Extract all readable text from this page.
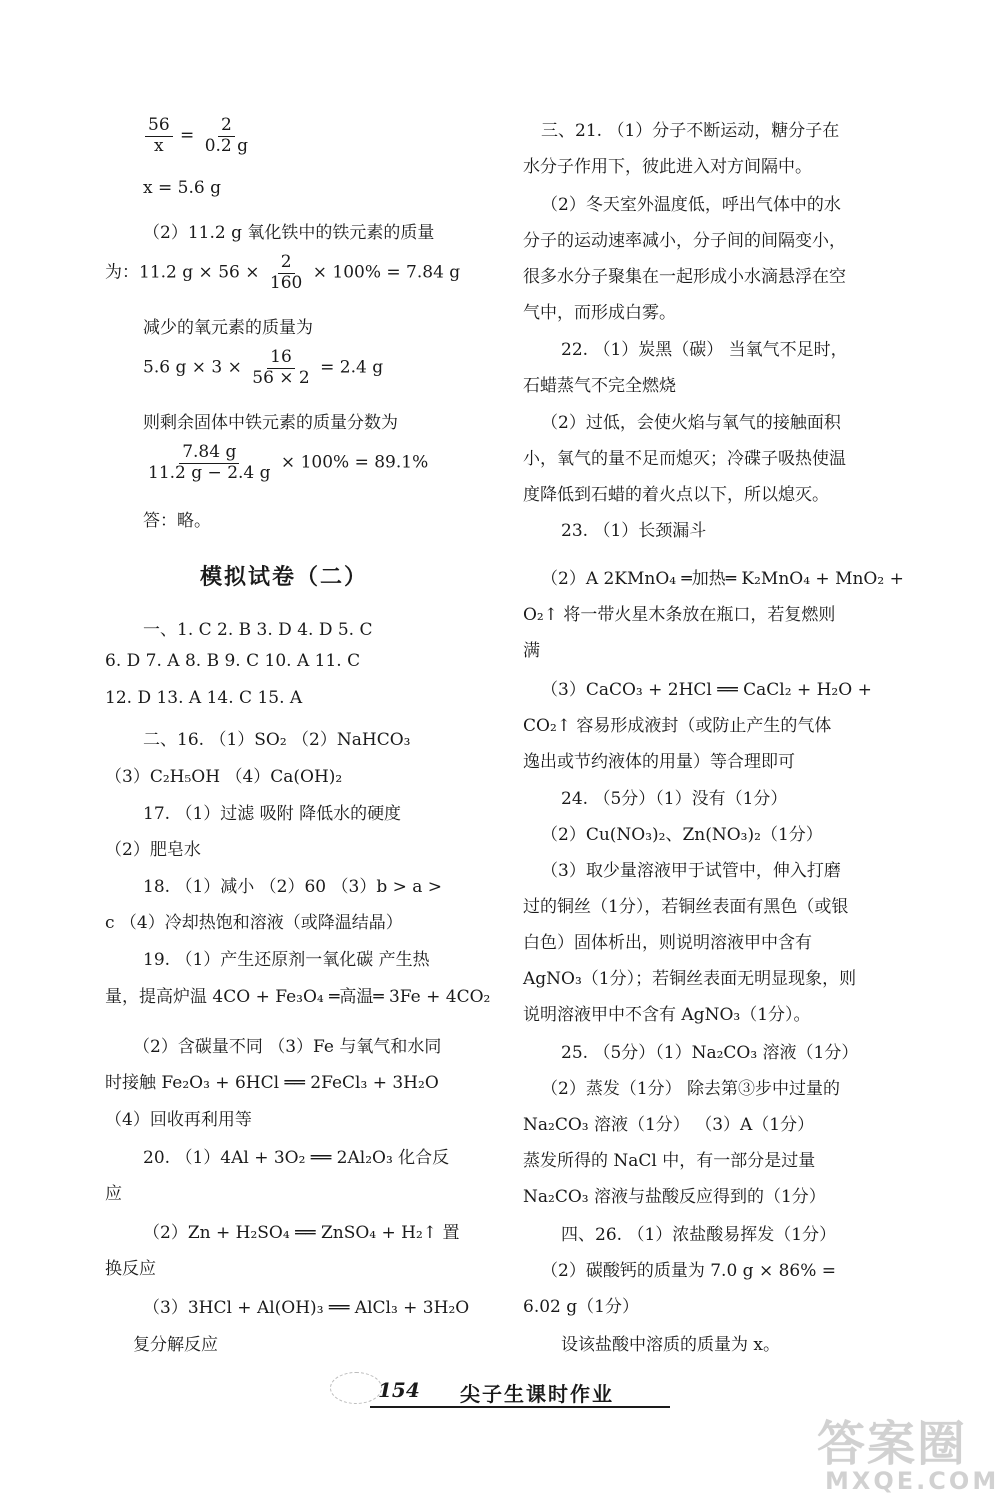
$\frac{56}{x} = \frac{2}{0.2 g}$
x = 5.6 g
（2）11.2 g 氧化铁中的铁元素的质量
为：11.2 $g \times 56 \times \frac{2}{160} \times 100\% = 7.84$ g
减少的氧元素的质量为
5.6 $g \times 3 \times \frac{16}{56 \times 2} = 2.4$ g
则剩余固体中铁元素的质量分数为
$\frac{7.84 g}{11.2 g - 2.4 g} \times 100\% = 89.1\%$
答：略。
模拟试卷（二）
一、1. C 2. B 3. D 4. D 5. C
6. D 7. A 8. B 9. C 10. A 11. C
12. D 13. A 14. C 15. A
二、16. （1）SO₂ （2）NaHCO₃
（3）C₂H₅OH （4）Ca(OH)₂
17. （1）过滤 吸附 降低水的硬度
（2）肥皂水
18. （1）减小 （2）60 （3）b > a >
c （4）冷却热饱和溶液（或降温结晶）
19. （1）产生还原剂一氧化碳 产生热
量，提高炉温 4CO + Fe₃O₄ ═高温═ 3Fe + 4CO₂
（2）含碳量不同 （3）Fe 与氧气和水同
时接触 Fe₂O₃ + 6HCl ══ 2FeCl₃ + 3H₂O
（4）回收再利用等
20. （1）4Al + 3O₂ ══ 2Al₂O₃ 化合反
应
（2）Zn + H₂SO₄ ══ ZnSO₄ + H₂↑ 置
换反应
（3）3HCl + Al(OH)₃ ══ AlCl₃ + 3H₂O
复分解反应
三、21. （1）分子不断运动，糖分子在
水分子作用下，彼此进入对方间隔中。
（2）冬天室外温度低，呼出气体中的水
分子的运动速率减小，分子间的间隔变小，
很多水分子聚集在一起形成小水滴悬浮在空
气中，而形成白雾。
22. （1）炭黑（碳） 当氧气不足时，
石蜡蒸气不完全燃烧
（2）过低，会使火焰与氧气的接触面积
小，氧气的量不足而熄灭；冷碟子吸热使温
度降低到石蜡的着火点以下，所以熄灭。
23. （1）长颈漏斗
（2）A 2KMnO₄ ═加热═ K₂MnO₄ + MnO₂ +
O₂↑ 将一带火星木条放在瓶口，若复燃则
满
（3）CaCO₃ + 2HCl ══ CaCl₂ + H₂O +
CO₂↑ 容易形成液封（或防止产生的气体
逸出或节约液体的用量）等合理即可
24. （5分）（1）没有（1分）
（2）Cu(NO₃)₂、Zn(NO₃)₂（1分）
（3）取少量溶液甲于试管中，伸入打磨
过的铜丝（1分），若铜丝表面有黑色（或银
白色）固体析出，则说明溶液甲中含有
AgNO₃（1分）；若铜丝表面无明显现象，则
说明溶液甲中不含有 AgNO₃（1分）。
25. （5分）（1）Na₂CO₃ 溶液（1分）
（2）蒸发（1分） 除去第③步中过量的
Na₂CO₃ 溶液（1分） （3）A（1分）
蒸发所得的 NaCl 中，有一部分是过量
Na₂CO₃ 溶液与盐酸反应得到的（1分）
四、26. （1）浓盐酸易挥发（1分）
（2）碳酸钙的质量为 7.0 g × 86% =
6.02 g（1分）
设该盐酸中溶质的质量为 x。
154 尖子生课时作业
答案圈
MXQE.COM
